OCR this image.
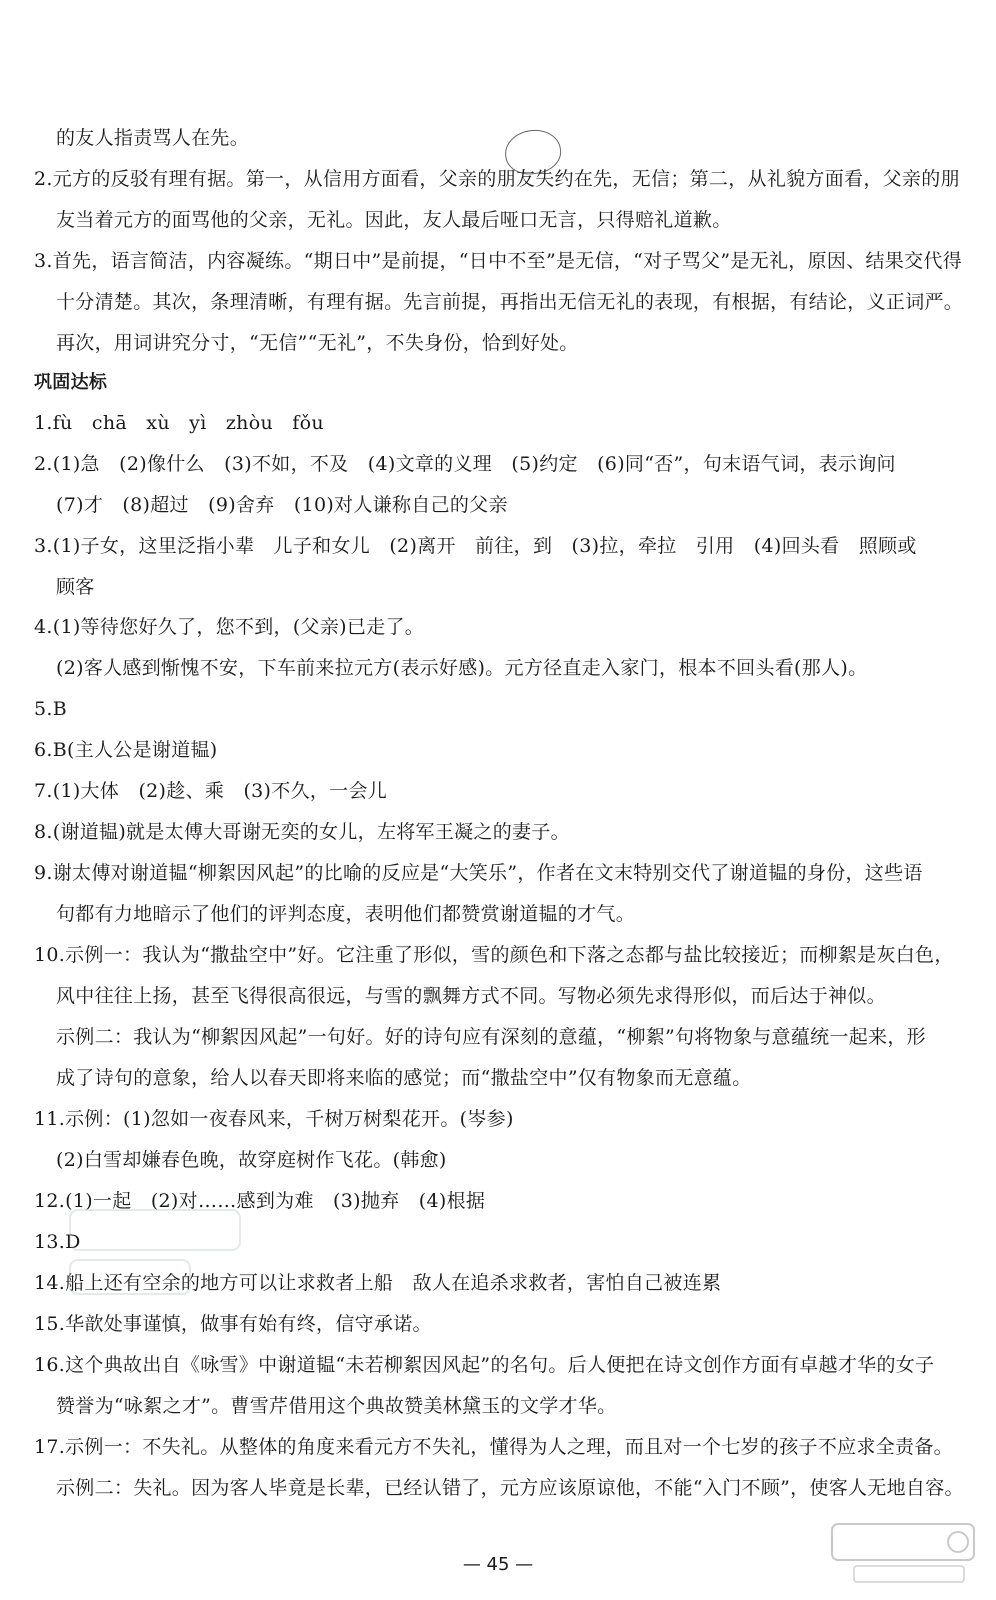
的友人指责骂人在先。
2.元方的反驳有理有据。第一，从信用方面看，父亲的朋友失约在先，无信；第二，从礼貌方面看，父亲的朋
友当着元方的面骂他的父亲，无礼。因此，友人最后哑口无言，只得赔礼道歉。
3.首先，语言简洁，内容凝练。“期日中”是前提，“日中不至”是无信，“对子骂父”是无礼，原因、结果交代得
十分清楚。其次，条理清晰，有理有据。先言前提，再指出无信无礼的表现，有根据，有结论，义正词严。
再次，用词讲究分寸，“无信”“无礼”，不失身份，恰到好处。
巩固达标
1.fù　chā　xù　yì　zhòu　fǒu
2.(1)急　(2)像什么　(3)不如，不及　(4)文章的义理　(5)约定　(6)同“否”，句末语气词，表示询问
(7)才　(8)超过　(9)舍弃　(10)对人谦称自己的父亲
3.(1)子女，这里泛指小辈　儿子和女儿　(2)离开　前往，到　(3)拉，牵拉　引用　(4)回头看　照顾或
顾客
4.(1)等待您好久了，您不到，(父亲)已走了。
(2)客人感到惭愧不安，下车前来拉元方(表示好感)。元方径直走入家门，根本不回头看(那人)。
5.B
6.B(主人公是谢道韫)
7.(1)大体　(2)趁、乘　(3)不久，一会儿
8.(谢道韫)就是太傅大哥谢无奕的女儿，左将军王凝之的妻子。
9.谢太傅对谢道韫“柳絮因风起”的比喻的反应是“大笑乐”，作者在文末特别交代了谢道韫的身份，这些语
句都有力地暗示了他们的评判态度，表明他们都赞赏谢道韫的才气。
10.示例一：我认为“撒盐空中”好。它注重了形似，雪的颜色和下落之态都与盐比较接近；而柳絮是灰白色，
风中往往上扬，甚至飞得很高很远，与雪的飘舞方式不同。写物必须先求得形似，而后达于神似。
示例二：我认为“柳絮因风起”一句好。好的诗句应有深刻的意蕴，“柳絮”句将物象与意蕴统一起来，形
成了诗句的意象，给人以春天即将来临的感觉；而“撒盐空中”仅有物象而无意蕴。
11.示例：(1)忽如一夜春风来，千树万树梨花开。(岑参)
(2)白雪却嫌春色晚，故穿庭树作飞花。(韩愈)
12.(1)一起　(2)对……感到为难　(3)抛弃　(4)根据
13.D
14.船上还有空余的地方可以让求救者上船　敌人在追杀求救者，害怕自己被连累
15.华歆处事谨慎，做事有始有终，信守承诺。
16.这个典故出自《咏雪》中谢道韫“未若柳絮因风起”的名句。后人便把在诗文创作方面有卓越才华的女子
赞誉为“咏絮之才”。曹雪芹借用这个典故赞美林黛玉的文学才华。
17.示例一：不失礼。从整体的角度来看元方不失礼，懂得为人之理，而且对一个七岁的孩子不应求全责备。
示例二：失礼。因为客人毕竟是长辈，已经认错了，元方应该原谅他，不能“入门不顾”，使客人无地自容。
— 45 —
